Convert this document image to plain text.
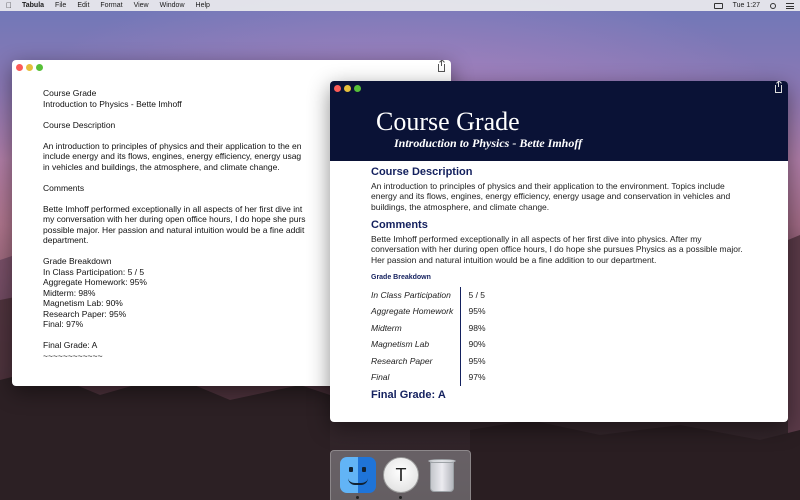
Tabula File Edit Format View Window Help	Tue 1:27
Course Grade
Introduction to Physics - Bette Imhoff
Course Description
An introduction to principles of physics and their application to the en
include energy and its flows, engines, energy efficiency, energy usag
in vehicles and buildings, the atmosphere, and climate change.
Comments
Bette Imhoff performed exceptionally in all aspects of her first dive int
my conversation with her during open office hours, I do hope she purs
possible major. Her passion and natural intuition would be a fine addit
department.
Grade Breakdown
In Class Participation: 5 / 5
Aggregate Homework: 95%
Midterm: 98%
Magnetism Lab: 90%
Research Paper: 95%
Final: 97%
Final Grade: A
~~~~~~~~~~~~
Course Grade
Introduction to Physics - Bette Imhoff
Course Description
An introduction to principles of physics and their application to the environment. Topics include energy and its flows, engines, energy efficiency, energy usage and conservation in vehicles and buildings, the atmosphere, and climate change.
Comments
Bette Imhoff performed exceptionally in all aspects of her first dive into physics. After my conversation with her during open office hours, I do hope she pursues Physics as a possible major. Her passion and natural intuition would be a fine addition to our department.
Grade Breakdown
In Class Participation	5 / 5
Aggregate Homework	95%
Midterm	98%
Magnetism Lab	90%
Research Paper	95%
Final	97%
Final Grade: A
T
